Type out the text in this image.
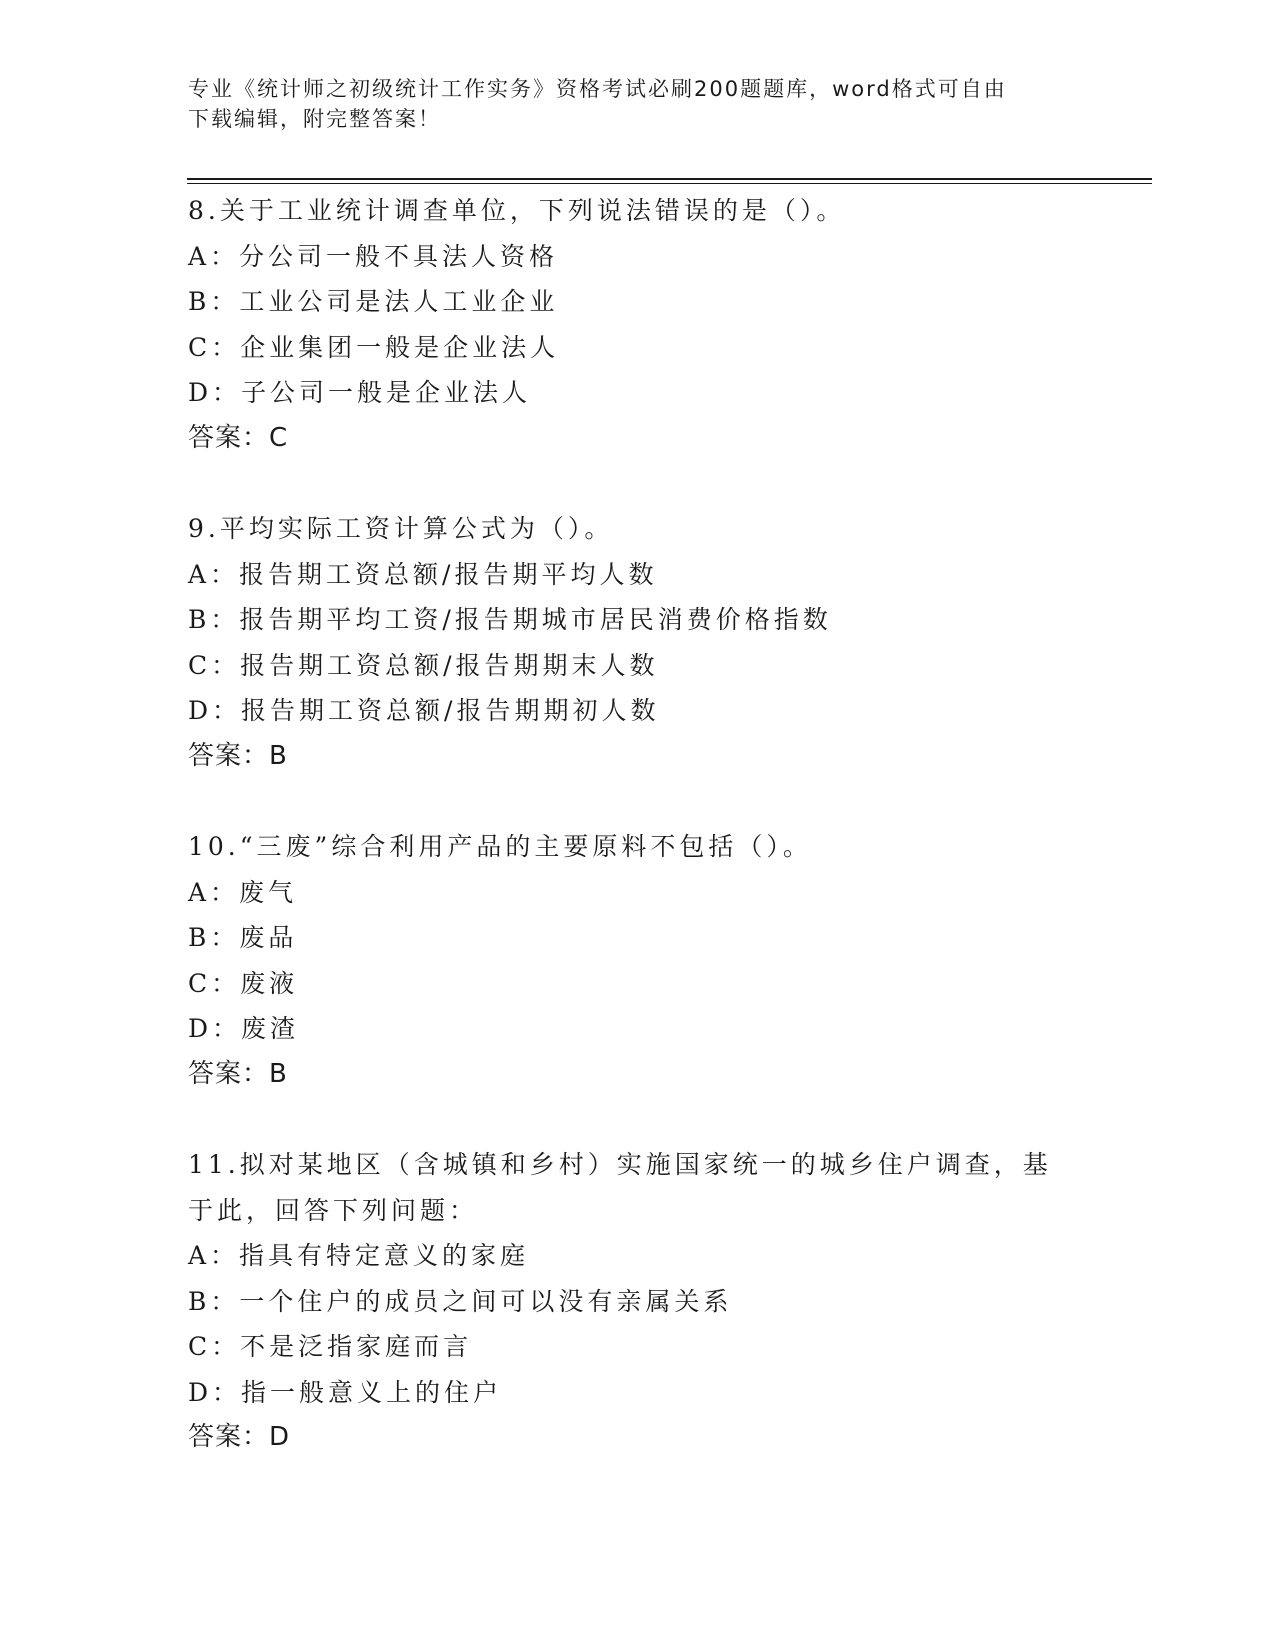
专业《统计师之初级统计工作实务》资格考试必刷200题题库，word格式可自由
下载编辑，附完整答案！
8.关于工业统计调查单位，下列说法错误的是（）。
A：分公司一般不具法人资格
B：工业公司是法人工业企业
C：企业集团一般是企业法人
D：子公司一般是企业法人
答案：C
9.平均实际工资计算公式为（）。
A：报告期工资总额/报告期平均人数
B：报告期平均工资/报告期城市居民消费价格指数
C：报告期工资总额/报告期期末人数
D：报告期工资总额/报告期期初人数
答案：B
10.“三废”综合利用产品的主要原料不包括（）。
A：废气
B：废品
C：废液
D：废渣
答案：B
11.拟对某地区（含城镇和乡村）实施国家统一的城乡住户调查，基于此，回答下列问题：
A：指具有特定意义的家庭
B：一个住户的成员之间可以没有亲属关系
C：不是泛指家庭而言
D：指一般意义上的住户
答案：D
